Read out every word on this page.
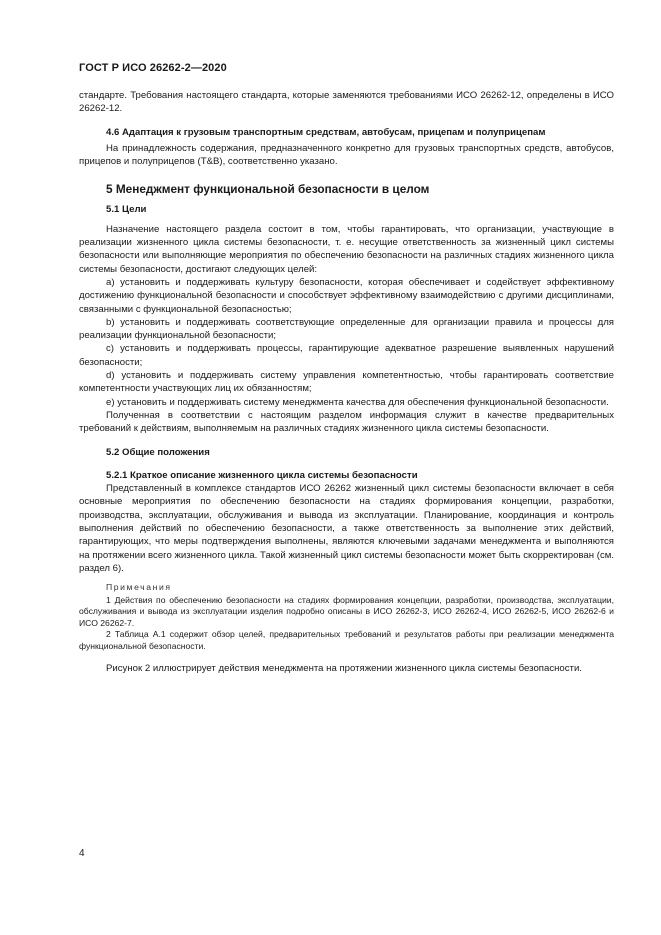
ГОСТ Р ИСО 26262-2—2020

стандарте. Требования настоящего стандарта, которые заменяются требованиями ИСО 26262-12, определены в ИСО 26262-12.

4.6 Адаптация к грузовым транспортным средствам, автобусам, прицепам и полуприцепам

На принадлежность содержания, предназначенного конкретно для грузовых транспортных средств, автобусов, прицепов и полуприцепов (T&B), соответственно указано.

5 Менеджмент функциональной безопасности в целом

5.1 Цели

Назначение настоящего раздела состоит в том, чтобы гарантировать, что организации, участвующие в реализации жизненного цикла системы безопасности, т. е. несущие ответственность за жизненный цикл системы безопасности или выполняющие мероприятия по обеспечению безопасности на различных стадиях жизненного цикла системы безопасности, достигают следующих целей:

a) установить и поддерживать культуру безопасности, которая обеспечивает и содействует эффективному достижению функциональной безопасности и способствует эффективному взаимодействию с другими дисциплинами, связанными с функциональной безопасностью;

b) установить и поддерживать соответствующие определенные для организации правила и процессы для реализации функциональной безопасности;

c) установить и поддерживать процессы, гарантирующие адекватное разрешение выявленных нарушений безопасности;

d) установить и поддерживать систему управления компетентностью, чтобы гарантировать соответствие компетентности участвующих лиц их обязанностям;

e) установить и поддерживать систему менеджмента качества для обеспечения функциональной безопасности.

Полученная в соответствии с настоящим разделом информация служит в качестве предварительных требований к действиям, выполняемым на различных стадиях жизненного цикла системы безопасности.

5.2 Общие положения

5.2.1 Краткое описание жизненного цикла системы безопасности

Представленный в комплексе стандартов ИСО 26262 жизненный цикл системы безопасности включает в себя основные мероприятия по обеспечению безопасности на стадиях формирования концепции, разработки, производства, эксплуатации, обслуживания и вывода из эксплуатации. Планирование, координация и контроль выполнения действий по обеспечению безопасности, а также ответственность за выполнение этих действий, гарантирующих, что меры подтверждения выполнены, являются ключевыми задачами менеджмента и выполняются на протяжении всего жизненного цикла. Такой жизненный цикл системы безопасности может быть скорректирован (см. раздел 6).

Примечания

1 Действия по обеспечению безопасности на стадиях формирования концепции, разработки, производства, эксплуатации, обслуживания и вывода из эксплуатации изделия подробно описаны в ИСО 26262-3, ИСО 26262-4, ИСО 26262-5, ИСО 26262-6 и ИСО 26262-7.

2 Таблица A.1 содержит обзор целей, предварительных требований и результатов работы при реализации менеджмента функциональной безопасности.

Рисунок 2 иллюстрирует действия менеджмента на протяжении жизненного цикла системы безопасности.

4
